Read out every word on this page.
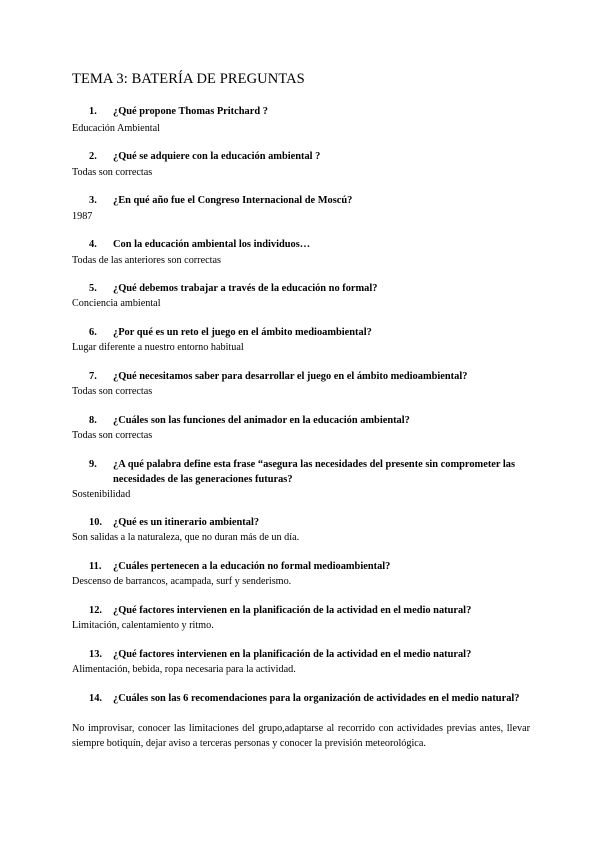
TEMA 3: BATERÍA DE PREGUNTAS
1.	¿Qué propone Thomas Pritchard ?
Educación Ambiental
2.	¿Qué se adquiere con la educación ambiental ?
Todas son correctas
3.	¿En qué año fue el Congreso Internacional de Moscú?
1987
4.	Con la educación ambiental los individuos…
Todas de las anteriores son correctas
5.	¿Qué debemos trabajar a través de la educación no formal?
Conciencia ambiental
6.	¿Por qué es un reto el juego en el ámbito medioambiental?
Lugar diferente a nuestro entorno habitual
7.	¿Qué necesitamos saber para desarrollar el juego en el ámbito medioambiental?
Todas son correctas
8.	¿Cuáles son las funciones del animador en la educación ambiental?
Todas son correctas
9.	¿A qué palabra define esta frase “asegura las necesidades del presente sin comprometer las necesidades de las generaciones futuras?
Sostenibilidad
10.	¿Qué es un itinerario ambiental?
Son salidas a la naturaleza, que no duran más de un día.
11.	¿Cuáles pertenecen a la educación no formal medioambiental?
Descenso de barrancos, acampada, surf y senderismo.
12.	¿Qué factores intervienen en la planificación de la actividad en el medio natural?
Limitación, calentamiento y ritmo.
13.	¿Qué factores intervienen en la planificación de la actividad en el medio natural?
Alimentación, bebida, ropa necesaria para la actividad.
14.	¿Cuáles son las 6 recomendaciones para la organización de actividades en el medio natural?
No improvisar, conocer las limitaciones del grupo,adaptarse al recorrido con actividades previas antes, llevar siempre botiquín, dejar aviso a terceras personas y conocer la previsión meteorológica.
